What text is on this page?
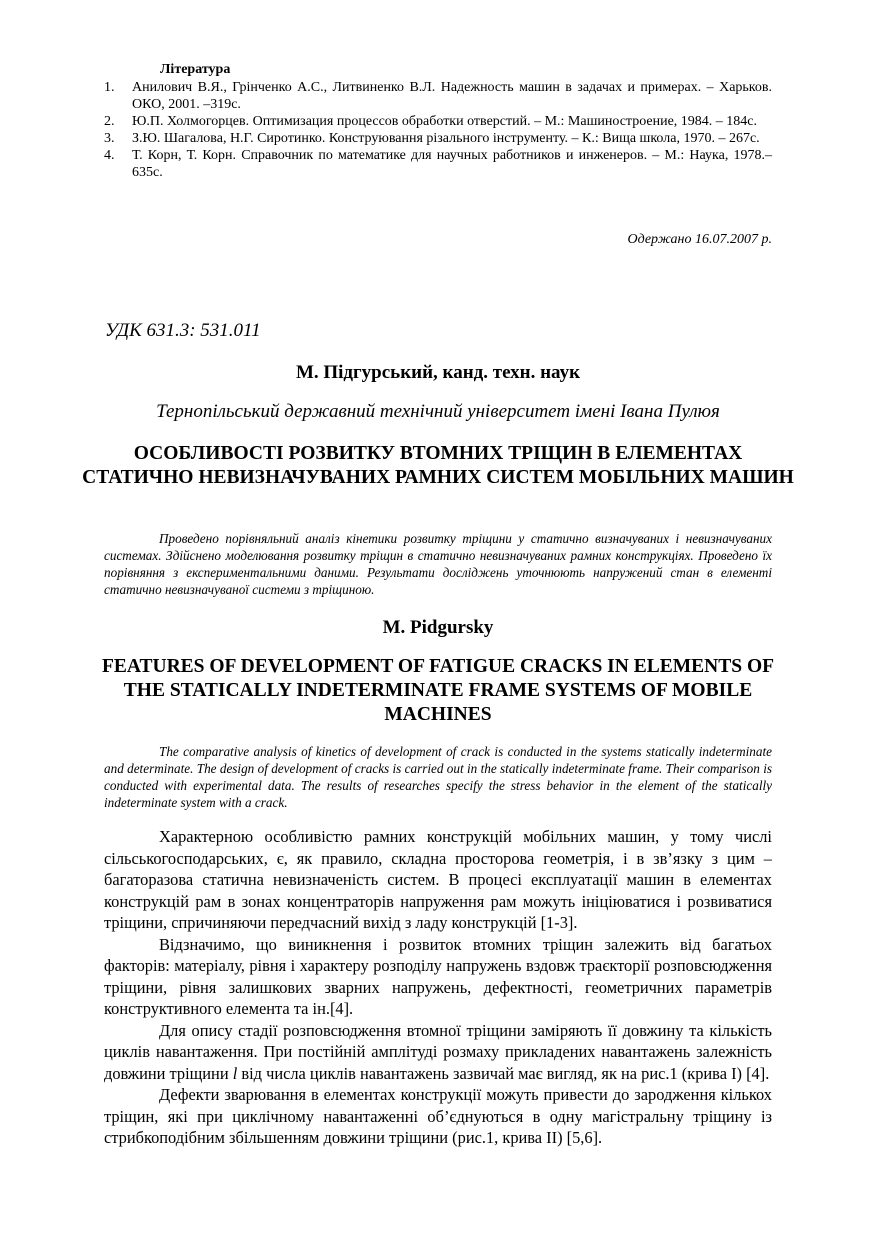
Література
1. Анилович В.Я., Грінченко А.С., Литвиненко В.Л. Надежность машин в задачах и примерах. – Харьков. ОКО, 2001. –319с.
2. Ю.П. Холмогорцев. Оптимизация процессов обработки отверстий. – М.: Машиностроение, 1984. – 184с.
3. З.Ю. Шагалова, Н.Г. Сиротинко. Конструювання різального інструменту. – К.: Вища школа, 1970. – 267с.
4. Т. Корн, Т. Корн. Справочник по математике для научных работников и инженеров. – М.: Наука, 1978.– 635с.
Одержано 16.07.2007 р.
УДК 631.3: 531.011
М. Підгурський, канд. техн. наук
Тернопільський державний технічний університет імені Івана Пулюя
ОСОБЛИВОСТІ РОЗВИТКУ ВТОМНИХ ТРІЩИН В ЕЛЕМЕНТАХ СТАТИЧНО НЕВИЗНАЧУВАНИХ РАМНИХ СИСТЕМ МОБІЛЬНИХ МАШИН

Проведено порівняльний аналіз кінетики розвитку тріщини у статично визначуваних і невизначуваних системах. Здійснено моделювання розвитку тріщин в статично невизначуваних рамних конструкціях. Проведено їх порівняння з експериментальними даними. Результати досліджень уточнюють напружений стан в елементі статично невизначуваної системи з тріщиною.

M. Pidgursky
FEATURES OF DEVELOPMENT OF FATIGUE CRACKS IN ELEMENTS OF THE STATICALLY INDETERMINATE FRAME SYSTEMS OF MOBILE MACHINES

The comparative analysis of kinetics of development of crack is conducted in the systems statically indeterminate and determinate. The design of development of cracks is carried out in the statically indeterminate frame. Their comparison is conducted with experimental data. The results of researches specify the stress behavior in the element of the statically indeterminate system with a crack.

Характерною особливістю рамних конструкцій мобільних машин, у тому числі сільськогосподарських, є, як правило, складна просторова геометрія, і в зв’язку з цим – багаторазова статична невизначеність систем. В процесі експлуатації машин в елементах конструкцій рам в зонах концентраторів напруження рам можуть ініціюватися і розвиватися тріщини, спричиняючи передчасний вихід з ладу конструкцій [1-3].

Відзначимо, що виникнення і розвиток втомних тріщин залежить від багатьох факторів: матеріалу, рівня і характеру розподілу напружень вздовж траєкторії розповсюдження тріщини, рівня залишкових зварних напружень, дефектності, геометричних параметрів конструктивного елемента та ін.[4].

Для опису стадії розповсюдження втомної тріщини заміряють її довжину та кількість циклів навантаження. При постійній амплітуді розмаху прикладених навантажень залежність довжини тріщини l від числа циклів навантажень зазвичай має вигляд, як на рис.1 (крива I) [4].

Дефекти зварювання в елементах конструкції можуть привести до зародження кількох тріщин, які при циклічному навантаженні об’єднуються в одну магістральну тріщину із стрибкоподібним збільшенням довжини тріщини (рис.1, крива II) [5,6].
